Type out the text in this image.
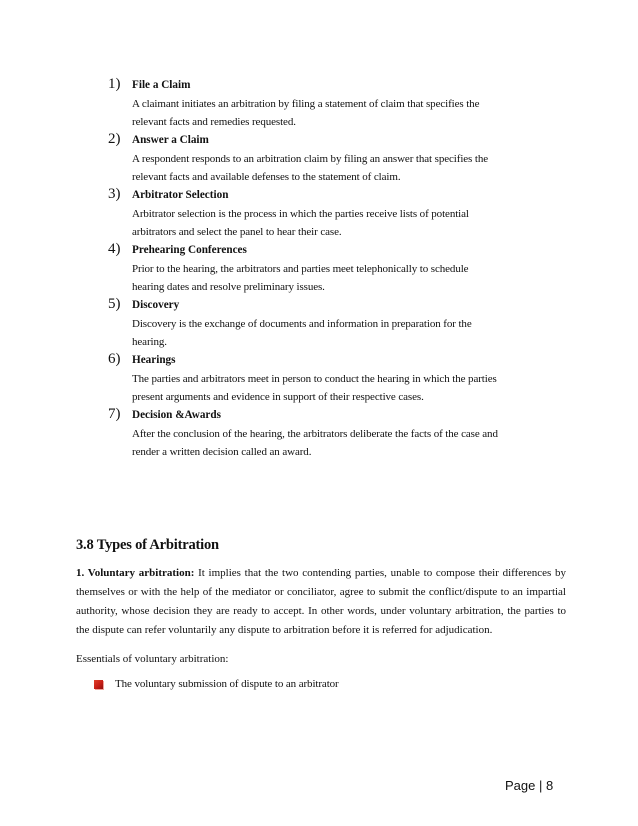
1)	File a Claim
A claimant initiates an arbitration by filing a statement of claim that specifies the
relevant facts and remedies requested.
2)	Answer a Claim
A respondent responds to an arbitration claim by filing an answer that specifies the
relevant facts and available defenses to the statement of claim.
3)	Arbitrator Selection
Arbitrator selection is the process in which the parties receive lists of potential
arbitrators and select the panel to hear their case.
4)	Prehearing Conferences
Prior to the hearing, the arbitrators and parties meet telephonically to schedule
hearing dates and resolve preliminary issues.
5)	Discovery
Discovery is the exchange of documents and information in preparation for the
hearing.
6)	Hearings
The parties and arbitrators meet in person to conduct the hearing in which the parties
present arguments and evidence in support of their respective cases.
7)	Decision &Awards
After the conclusion of the hearing, the arbitrators deliberate the facts of the case and
render a written decision called an award.
3.8 Types of Arbitration

1. Voluntary arbitration: It implies that the two contending parties, unable to compose their differences by themselves or with the help of the mediator or conciliator, agree to submit the conflict/dispute to an impartial authority, whose decision they are ready to accept. In other words, under voluntary arbitration, the parties to the dispute can refer voluntarily any dispute to arbitration before it is referred for adjudication.

Essentials of voluntary arbitration:

The voluntary submission of dispute to an arbitrator
Page | 8
